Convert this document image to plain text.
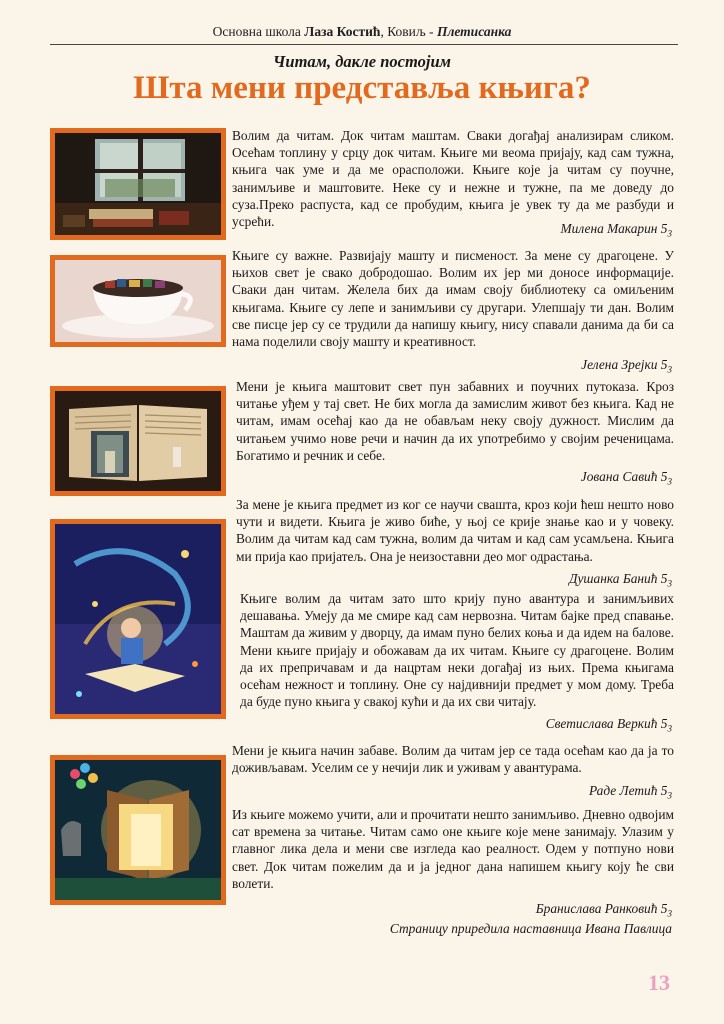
Основна школа Лаза Костић, Ковиљ - Плетисанка
Читам, дакле постојим
Шта мени представља књига?
Волим да читам. Док читам маштам. Сваки догађај анализирам сликом. Осећам топлину у срцу док читам. Књиге ми веома пријају, кад сам тужна, књига чак уме и да ме орасположи. Књиге које ја читам су поучне, занимљиве и маштовите. Неке су и нежне и тужне, па ме доведу до суза.Преко распуста, кад се пробудим, књига је увек ту да ме разбуди и усрећи.	Милена Макарин $5_3$
Књиге су важне. Развијају машту и писменост. За мене су драгоцене. У њихов свет је свако добродошао. Волим их јер ми доносе информације. Сваки дан читам. Желела бих да имам своју библиотеку са омиљеним књигама. Књиге су лепе и занимљиви су другари. Улепшају ти дан. Волим све писце јер су се трудили да напишу књигу, нису спавали данима да би са нама поделили своју машту и креативност.
Јелена Зрејки $5_3$
Мени је књига маштовит свет пун забавних и поучних путоказа. Кроз читање уђем у тај свет. Не бих могла да замислим живот без књига. Кад не читам, имам осећај као да не обављам неку своју дужност. Мислим да читањем учимо нове речи и начин да их употребимо у својим реченицама. Богатимо и речник и себе.
Јована Савић $5_3$
За мене је књига предмет из ког се научи свашта, кроз који ћеш нешто ново чути и видети. Књига је живо биће, у њој се крије знање као и у човеку. Волим да читам кад сам тужна, волим да читам и кад сам усамљена. Књига ми прија као пријатељ. Она је неизоставни део мог одрастања.
Душанка Банић $5_3$
Књиге волим да читам зато што крију пуно авантура и занимљивих дешавања. Умеју да ме смире кад сам нервозна. Читам бајке пред спавање. Маштам да живим у дворцу, да имам пуно белих коња и да идем на балове. Мени књиге пријају и обожавам да их читам. Књиге су драгоцене. Волим да их препричавам и да нацртам неки догађај из њих. Према књигама осећам нежност и топлину. Оне су најдивнији предмет у мом дому. Треба да буде пуно књига у свакој кући и да их сви читају.
Светислава Веркић $5_3$
Мени је књига начин забаве. Волим да читам јер се тада осећам као да ја то доживљавам. Уселим се у нечији лик и уживам у авантурама.
Раде Летић $5_3$
Из књиге можемо учити, али и прочитати нешто занимљиво. Дневно одвојим сат времена за читање. Читам само оне књиге које мене занимају. Улазим у главног лика дела и мени све изгледа као реалност. Одем у потпуно нови свет. Док читам пожелим да и ја једног дана напишем књигу коју ће сви волети.
Бранислава Ранковић $5_3$
Страницу приредила наставница Ивана Павлица
13
